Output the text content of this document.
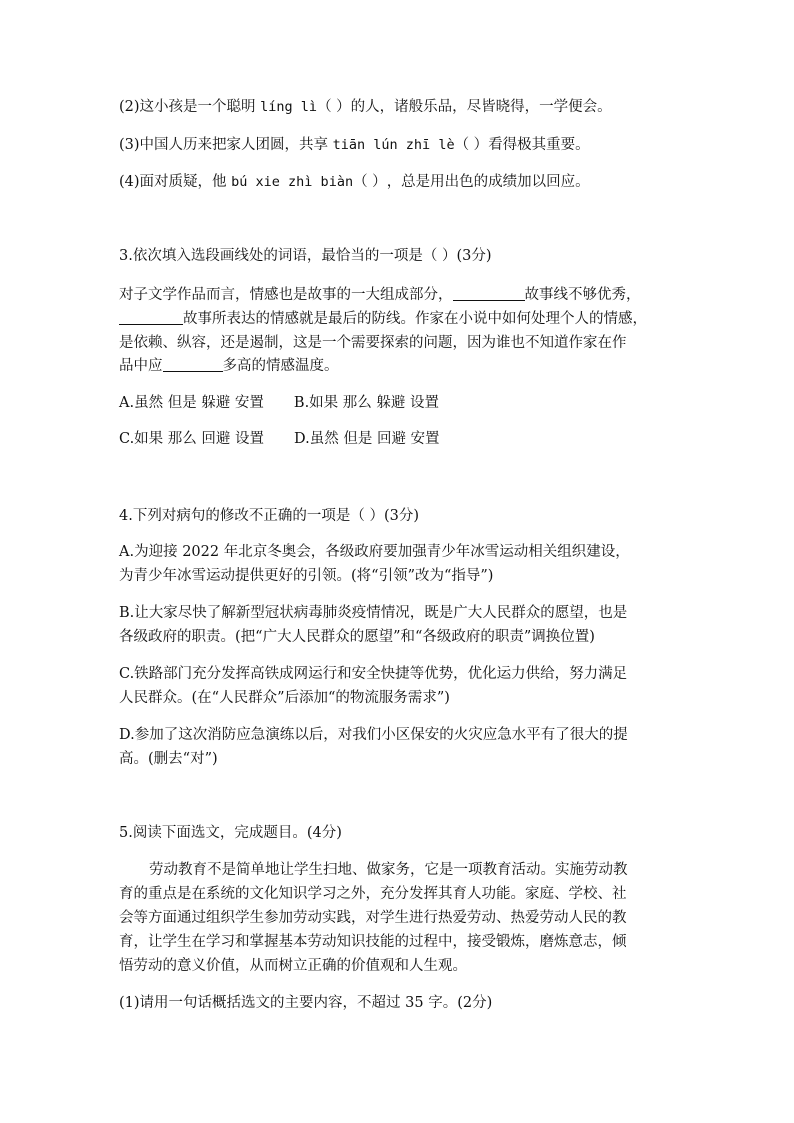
(2)这小孩是一个聪明 líng lì（ ）的人，诸般乐品，尽皆晓得，一学便会。
(3)中国人历来把家人团圆，共享 tiān lún zhī lè（ ）看得极其重要。
(4)面对质疑，他 bú xie zhì biàn（ ），总是用出色的成绩加以回应。
3.依次填入选段画线处的词语，最恰当的一项是（ ）(3分)
对子文学作品而言，情感也是故事的一大组成部分，	故事线不够优秀，
故事所表达的情感就是最后的防线。作家在小说中如何处理个人的情感，
是依赖、纵容，还是遏制，这是一个需要探索的问题，因为谁也不知道作家在作
品中应	多高的情感温度。
A.虽然 但是 躲避 安置 B.如果 那么 躲避 设置
C.如果 那么 回避 设置 D.虽然 但是 回避 安置
4.下列对病句的修改不正确的一项是（ ）(3分)
A.为迎接 2022 年北京冬奥会，各级政府要加强青少年冰雪运动相关组织建设，
为青少年冰雪运动提供更好的引领。(将“引领”改为“指导”)
B.让大家尽快了解新型冠状病毒肺炎疫情情况，既是广大人民群众的愿望，也是
各级政府的职责。(把“广大人民群众的愿望”和“各级政府的职责”调换位置)
C.铁路部门充分发挥高铁成网运行和安全快捷等优势，优化运力供给，努力满足
人民群众。(在“人民群众”后添加“的物流服务需求”)
D.参加了这次消防应急演练以后，对我们小区保安的火灾应急水平有了很大的提
高。(删去“对”)
5.阅读下面选文，完成题目。(4分)
劳动教育不是简单地让学生扫地、做家务，它是一项教育活动。实施劳动教
育的重点是在系统的文化知识学习之外，充分发挥其育人功能。家庭、学校、社
会等方面通过组织学生参加劳动实践，对学生进行热爱劳动、热爱劳动人民的教
育，让学生在学习和掌握基本劳动知识技能的过程中，接受锻炼，磨炼意志，倾
悟劳动的意义价值，从而树立正确的价值观和人生观。
(1)请用一句话概括选文的主要内容，不超过 35 字。(2分)
